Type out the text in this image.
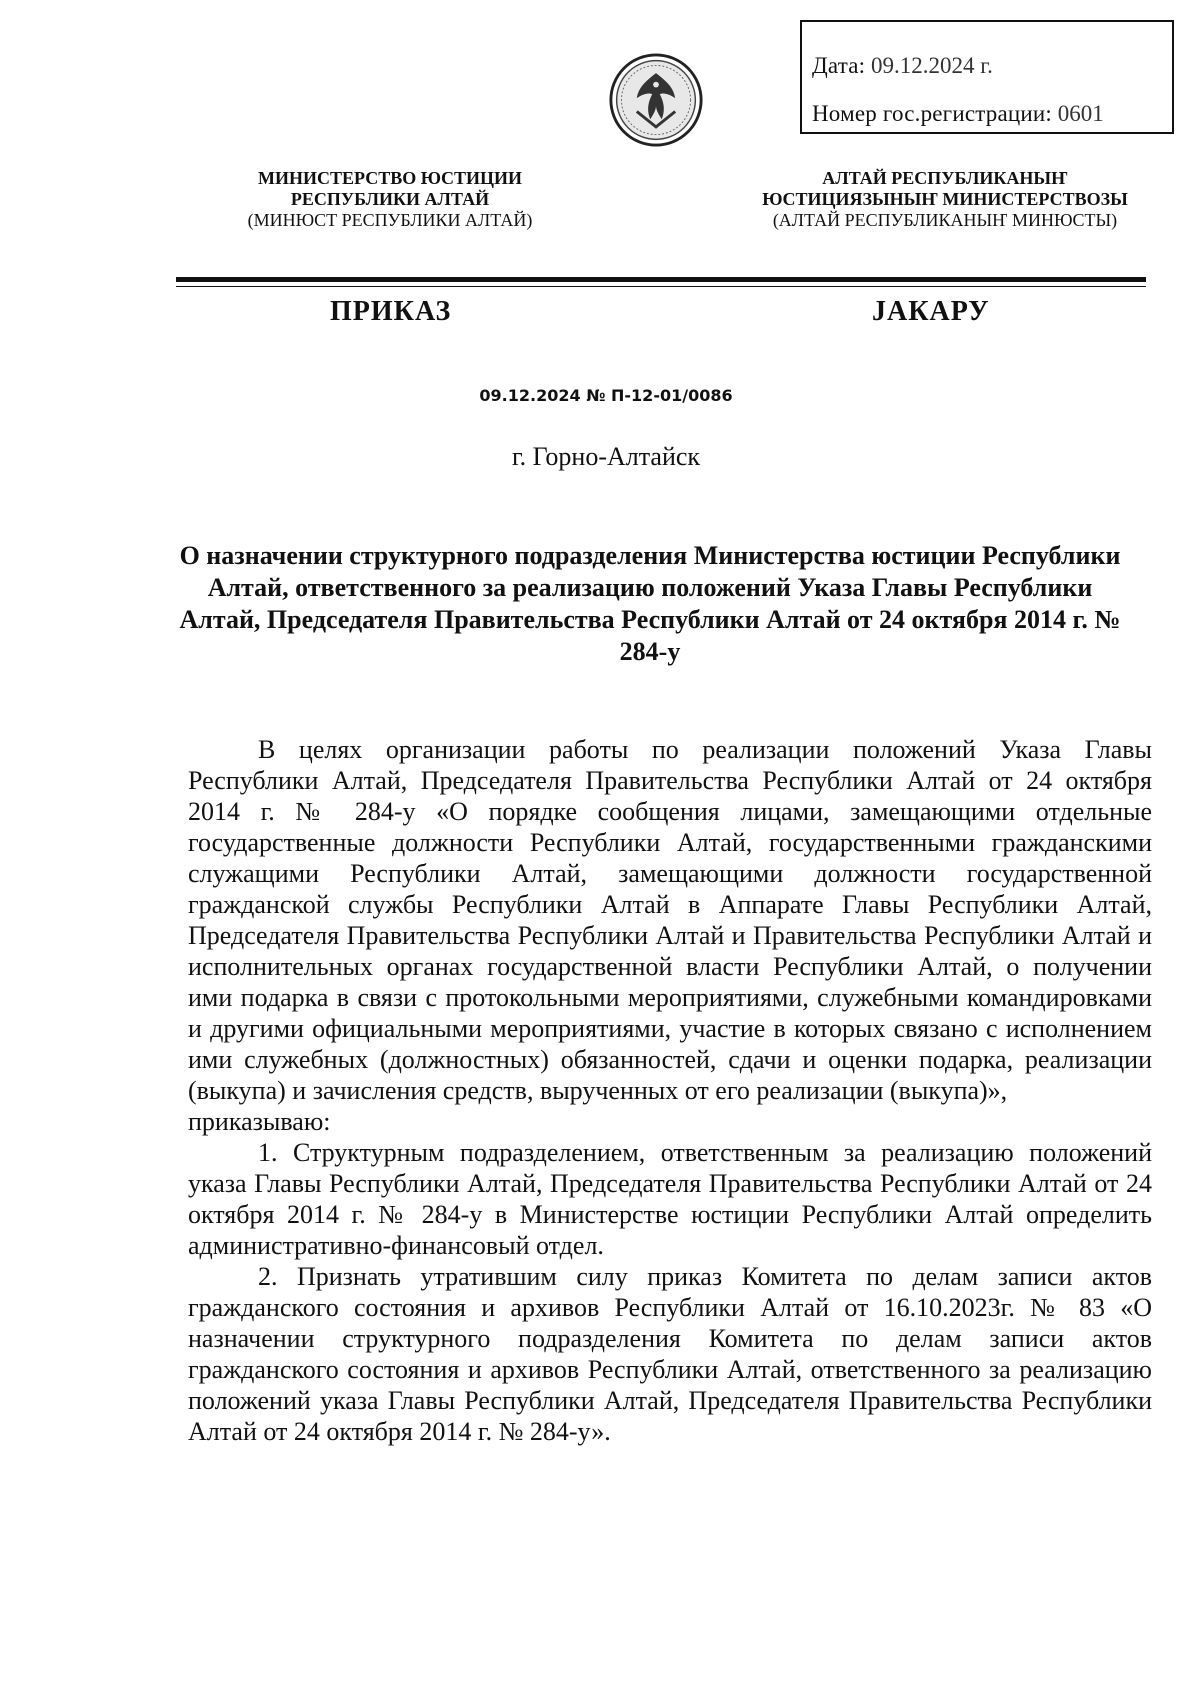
Дата: 09.12.2024 г.
Номер гос.регистрации: 0601
МИНИСТЕРСТВО ЮСТИЦИИ
РЕСПУБЛИКИ АЛТАЙ
(МИНЮСТ РЕСПУБЛИКИ АЛТАЙ)
АЛТАЙ РЕСПУБЛИКАНЫҤ
ЮСТИЦИЯЗЫНЫҤ МИНИСТЕРСТВОЗЫ
(АЛТАЙ РЕСПУБЛИКАНЫҤ МИНЮСТЫ)
ПРИКАЗ	ЈАКАРУ
09.12.2024 № П-12-01/0086
г. Горно-Алтайск
О назначении структурного подразделения Министерства юстиции Республики Алтай, ответственного за реализацию положений Указа Главы Республики Алтай, Председателя Правительства Республики Алтай от 24 октября 2014 г. № 284-у

В целях организации работы по реализации положений Указа Главы Республики Алтай, Председателя Правительства Республики Алтай от 24 октября 2014 г. № 284-у «О порядке сообщения лицами, замещающими отдельные государственные должности Республики Алтай, государственными гражданскими служащими Республики Алтай, замещающими должности государственной гражданской службы Республики Алтай в Аппарате Главы Республики Алтай, Председателя Правительства Республики Алтай и Правительства Республики Алтай и исполнительных органах государственной власти Республики Алтай, о получении ими подарка в связи с протокольными мероприятиями, служебными командировками и другими официальными мероприятиями, участие в которых связано с исполнением ими служебных (должностных) обязанностей, сдачи и оценки подарка, реализации (выкупа) и зачисления средств, вырученных от его реализации (выкупа)»,

приказываю:

1. Структурным подразделением, ответственным за реализацию положений указа Главы Республики Алтай, Председателя Правительства Республики Алтай от 24 октября 2014 г. № 284-у в Министерстве юстиции Республики Алтай определить административно-финансовый отдел.

2. Признать утратившим силу приказ Комитета по делам записи актов гражданского состояния и архивов Республики Алтай от 16.10.2023г. № 83 «О назначении структурного подразделения Комитета по делам записи актов гражданского состояния и архивов Республики Алтай, ответственного за реализацию положений указа Главы Республики Алтай, Председателя Правительства Республики Алтай от 24 октября 2014 г. № 284-у».
